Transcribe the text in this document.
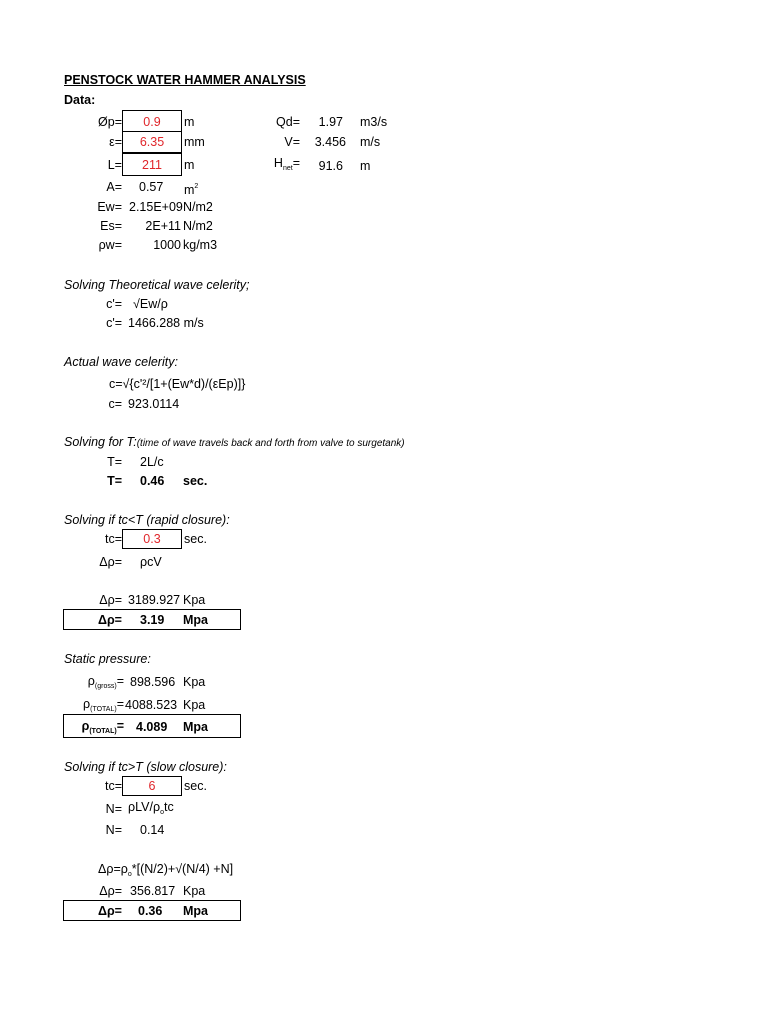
PENSTOCK WATER HAMMER ANALYSIS
Data:
Øp=	0.9	m
ε=	6.35	mm
L=	211	m
Qd=	1.97 m3/s
V=	3.456 m/s
$H_{net}=$	91.6 m
A= 0.57 $m^2$
Ew= 2.15E+09 N/m2
Es=	2E+11 N/m2
ρw=	1000 kg/m3
Solving Theoretical wave celerity;
c'= √Ew/ρ
c'= 1466.288 m/s
Actual wave celerity:
c=√{c'²/[1+(Ew*d)/(εEp)]}
c= 923.0114
Solving for T:(time of wave travels back and forth from valve to surgetank)
T= 2L/c
T= 0.46 sec.
Solving if tc<T (rapid closure):
tc=	0.3	sec.
Δρ= ρcV
Δρ= 3189.927 Kpa
Δρ= 3.19 Mpa
Static pressure:
$\rho_{(gross)}= 898.596$ Kpa
$\rho_{(TOTAL)}= 4088.523$ Kpa
$\rho_{(TOTAL)}= 4.089$ Mpa
Solving if tc>T (slow closure):
tc=	6	sec.
N= ρLV/$\rho_otc$
N= 0.14
$\Delta\rho=\rho_o*[(N/2)+√(N/4) +N]$
Δρ= 356.817 Kpa
Δρ= 0.36 Mpa
